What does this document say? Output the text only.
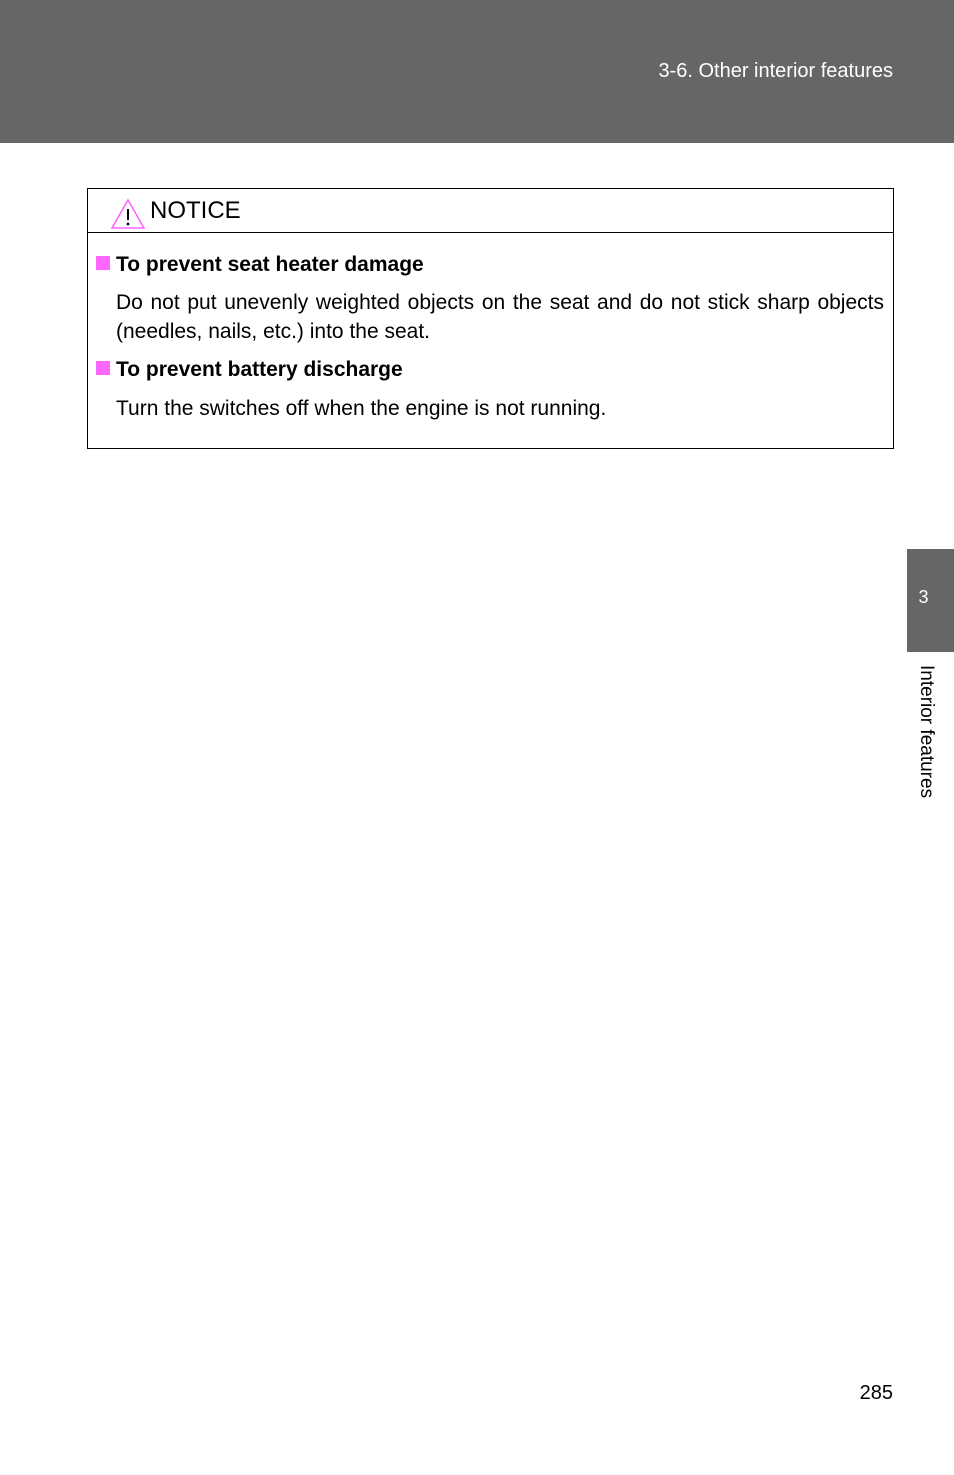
3-6. Other interior features
NOTICE
To prevent seat heater damage
Do not put unevenly weighted objects on the seat and do not stick sharp objects (needles, nails, etc.) into the seat.
To prevent battery discharge
Turn the switches off when the engine is not running.
3
Interior features
285
